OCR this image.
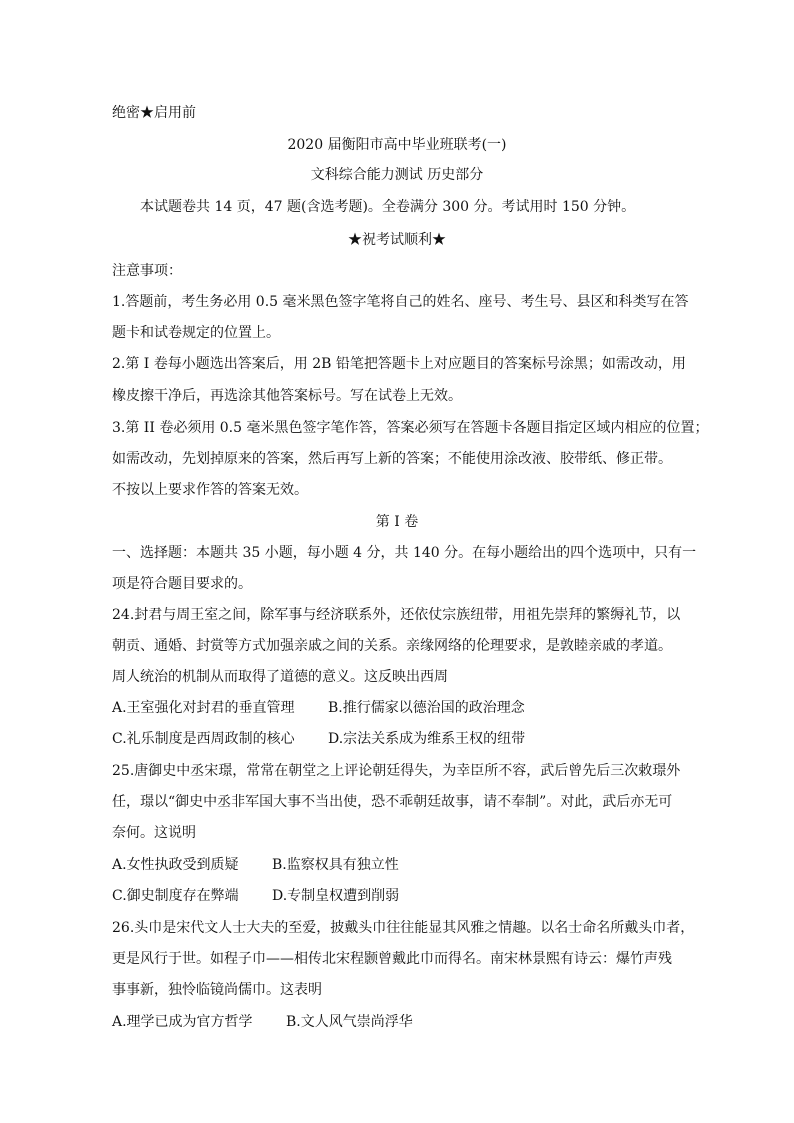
绝密★启用前
2020 届衡阳市高中毕业班联考(一)
文科综合能力测试 历史部分
本试题卷共 14 页，47 题(含选考题)。全卷满分 300 分。考试用时 150 分钟。
★祝考试顺利★
注意事项：
1.答题前，考生务必用 0.5 毫米黑色签字笔将自己的姓名、座号、考生号、县区和科类写在答
题卡和试卷规定的位置上。
2.第 I 卷每小题选出答案后，用 2B 铅笔把答题卡上对应题目的答案标号涂黑；如需改动，用
橡皮擦干净后，再选涂其他答案标号。写在试卷上无效。
3.第 II 卷必须用 0.5 毫米黑色签字笔作答，答案必须写在答题卡各题目指定区域内相应的位置；
如需改动，先划掉原来的答案，然后再写上新的答案；不能使用涂改液、胶带纸、修正带。
不按以上要求作答的答案无效。
第 I 卷
一、选择题：本题共 35 小题，每小题 4 分，共 140 分。在每小题给出的四个选项中，只有一
项是符合题目要求的。
24.封君与周王室之间，除军事与经济联系外，还依仗宗族纽带，用祖先崇拜的繁缛礼节，以
朝贡、通婚、封赏等方式加强亲戚之间的关系。亲缘网络的伦理要求，是敦睦亲戚的孝道。
周人统治的机制从而取得了道德的意义。这反映出西周
A.王室强化对封君的垂直管理 B.推行儒家以德治国的政治理念
C.礼乐制度是西周政制的核心 D.宗法关系成为维系王权的纽带
25.唐御史中丞宋璟，常常在朝堂之上评论朝廷得失，为幸臣所不容，武后曾先后三次敕璟外
任，璟以“御史中丞非军国大事不当出使，恐不乖朝廷故事，请不奉制”。对此，武后亦无可
奈何。这说明
A.女性执政受到质疑 B.监察权具有独立性
C.御史制度存在弊端 D.专制皇权遭到削弱
26.头巾是宋代文人士大夫的至爱，披戴头巾往往能显其风雅之情趣。以名士命名所戴头巾者，
更是风行于世。如程子巾——相传北宋程颢曾戴此巾而得名。南宋林景熙有诗云：爆竹声残
事事新，独怜临镜尚儒巾。这表明
A.理学已成为官方哲学 B.文人风气崇尚浮华
